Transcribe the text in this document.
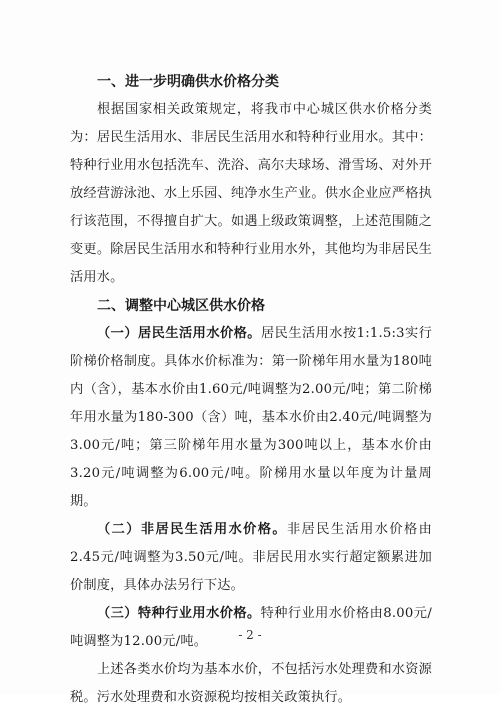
一、进一步明确供水价格分类

根据国家相关政策规定，将我市中心城区供水价格分类为：居民生活用水、非居民生活用水和特种行业用水。其中：特种行业用水包括洗车、洗浴、高尔夫球场、滑雪场、对外开放经营游泳池、水上乐园、纯净水生产业。供水企业应严格执行该范围，不得擅自扩大。如遇上级政策调整，上述范围随之变更。除居民生活用水和特种行业用水外，其他均为非居民生活用水。

二、调整中心城区供水价格

（一）居民生活用水价格。居民生活用水按1:1.5:3实行阶梯价格制度。具体水价标准为：第一阶梯年用水量为180吨内（含），基本水价由1.60元/吨调整为2.00元/吨；第二阶梯年用水量为180-300（含）吨，基本水价由2.40元/吨调整为3.00元/吨；第三阶梯年用水量为300吨以上，基本水价由3.20元/吨调整为6.00元/吨。阶梯用水量以年度为计量周期。

（二）非居民生活用水价格。非居民生活用水价格由2.45元/吨调整为3.50元/吨。非居民用水实行超定额累进加价制度，具体办法另行下达。

（三）特种行业用水价格。特种行业用水价格由8.00元/吨调整为12.00元/吨。

上述各类水价均为基本水价，不包括污水处理费和水资源税。污水处理费和水资源税均按相关政策执行。

- 2 -
